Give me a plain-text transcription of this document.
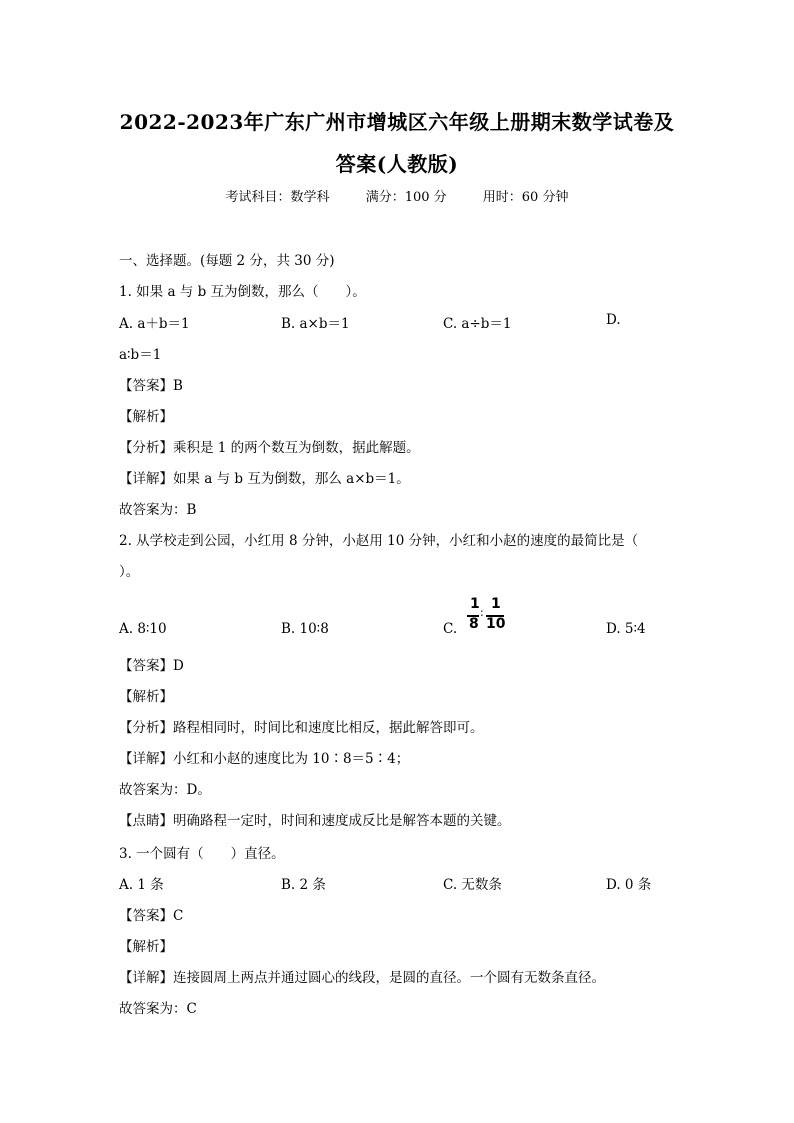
2022-2023年广东广州市增城区六年级上册期末数学试卷及
答案(人教版)
考试科目：数学科	满分：100 分	用时：60 分钟
一、选择题。(每题 2 分，共 30 分)
1. 如果 a 与 b 互为倒数，那么（　　）。
A. a＋b＝1	B. a×b＝1	C. a÷b＝1	D.
a∶b＝1
【答案】B
【解析】
【分析】乘积是 1 的两个数互为倒数，据此解题。
【详解】如果 a 与 b 互为倒数，那么 a×b＝1。
故答案为：B
2. 从学校走到公园，小红用 8 分钟，小赵用 10 分钟，小红和小赵的速度的最简比是（
）。
A. 8∶10	B. 10∶8	C.
1
8
:
1
10	D. 5∶4
【答案】D
【解析】
【分析】路程相同时，时间比和速度比相反，据此解答即可。
【详解】小红和小赵的速度比为 10∶8＝5∶4；
故答案为：D。
【点睛】明确路程一定时，时间和速度成反比是解答本题的关键。
3. 一个圆有（　　）直径。
A. 1 条	B. 2 条	C. 无数条	D. 0 条
【答案】C
【解析】
【详解】连接圆周上两点并通过圆心的线段，是圆的直径。一个圆有无数条直径。
故答案为：C
